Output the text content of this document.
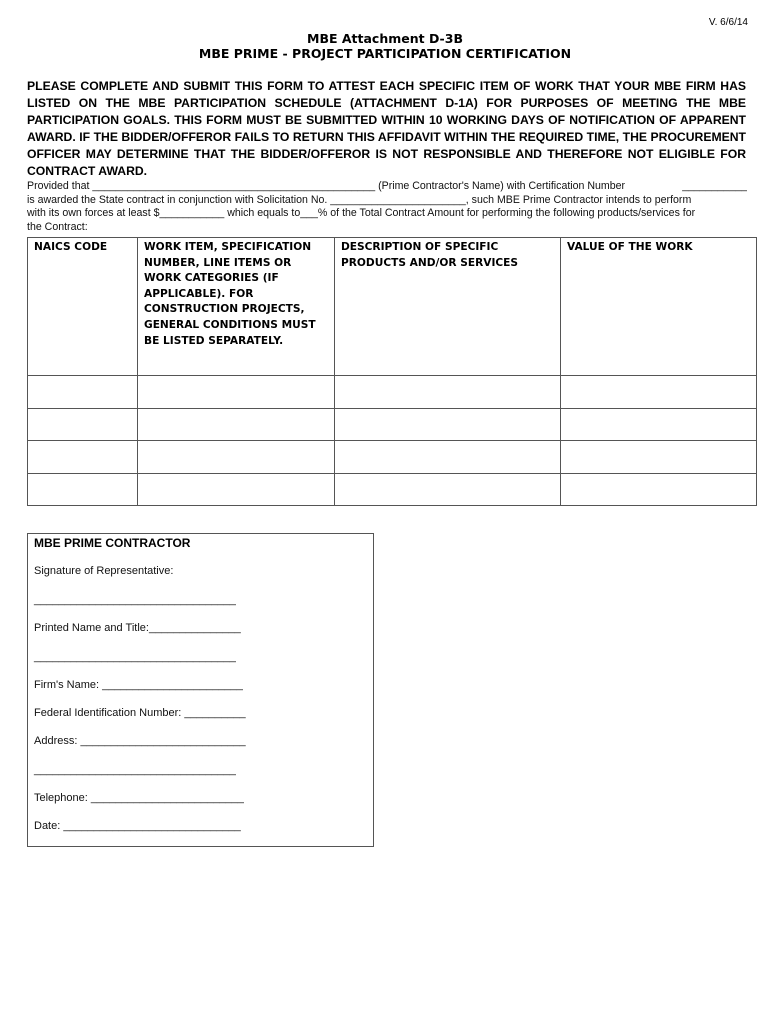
V. 6/6/14
MBE Attachment D-3B
MBE PRIME - PROJECT PARTICIPATION CERTIFICATION
PLEASE COMPLETE AND SUBMIT THIS FORM TO ATTEST EACH SPECIFIC ITEM OF WORK THAT YOUR MBE FIRM HAS LISTED ON THE MBE PARTICIPATION SCHEDULE (ATTACHMENT D-1A) FOR PURPOSES OF MEETING THE MBE PARTICIPATION GOALS. THIS FORM MUST BE SUBMITTED WITHIN 10 WORKING DAYS OF NOTIFICATION OF APPARENT AWARD. IF THE BIDDER/OFFEROR FAILS TO RETURN THIS AFFIDAVIT WITHIN THE REQUIRED TIME, THE PROCUREMENT OFFICER MAY DETERMINE THAT THE BIDDER/OFFEROR IS NOT RESPONSIBLE AND THEREFORE NOT ELIGIBLE FOR CONTRACT AWARD.
Provided that ________________________________________________ (Prime Contractor's Name) with Certification Number	___________
is awarded the State contract in conjunction with Solicitation No. _______________________, such MBE Prime Contractor intends to perform
with its own forces at least $___________ which equals to___% of the Total Contract Amount for performing the following products/services for
the Contract:
NAICS CODE	WORK ITEM, SPECIFICATION NUMBER, LINE ITEMS OR WORK CATEGORIES (IF APPLICABLE). FOR CONSTRUCTION PROJECTS, GENERAL CONDITIONS MUST BE LISTED SEPARATELY.	DESCRIPTION OF SPECIFIC PRODUCTS AND/OR SERVICES	VALUE OF THE WORK

MBE PRIME CONTRACTOR
Signature of Representative:
_________________________________
Printed Name and Title:_______________
_________________________________
Firm's Name: _______________________
Federal Identification Number: __________
Address: ___________________________
_________________________________
Telephone: _________________________
Date: _____________________________
